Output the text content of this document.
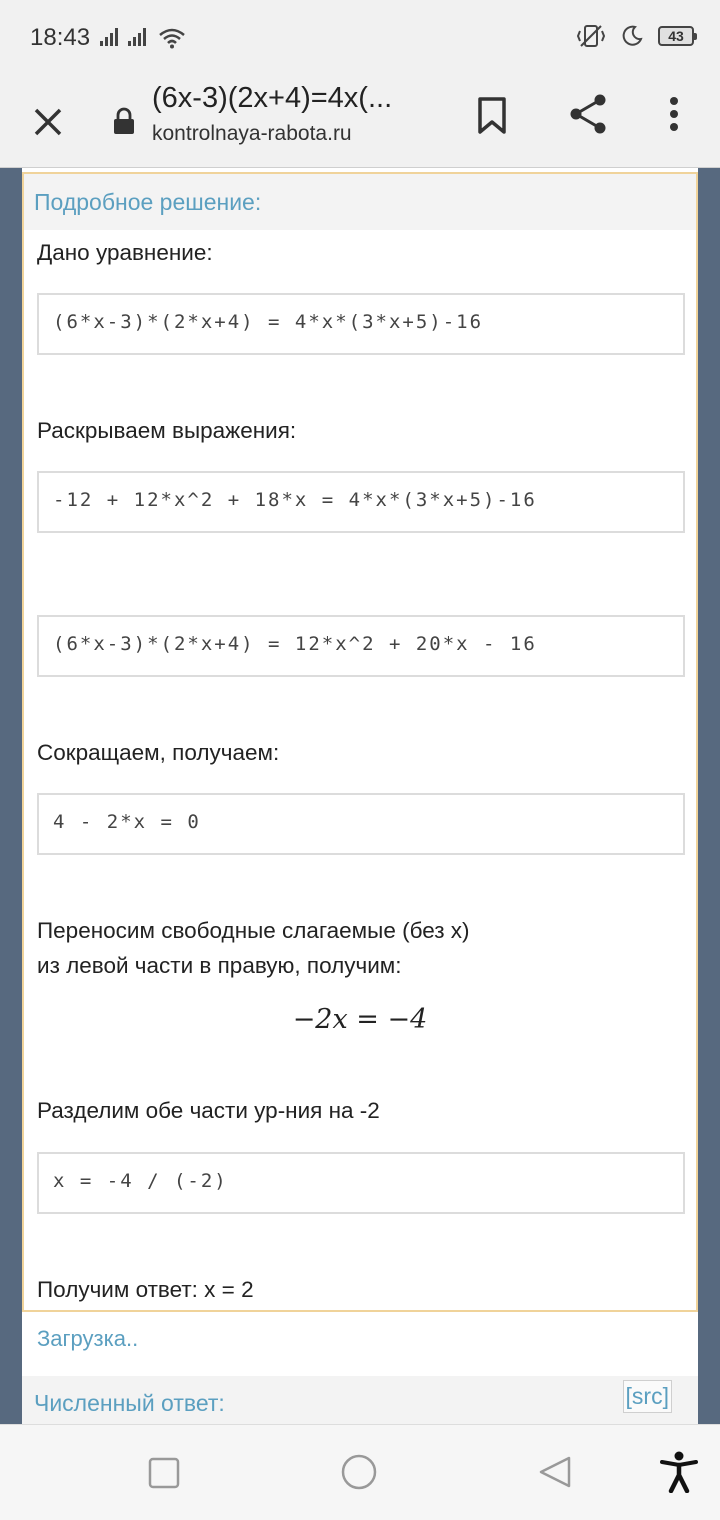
18:43	43
(6x-3)(2x+4)=4x(...
kontrolnaya-rabota.ru
Подробное решение:
Дано уравнение:
(6*x-3)*(2*x+4) = 4*x*(3*x+5)-16
Раскрываем выражения:
-12 + 12*x^2 + 18*x = 4*x*(3*x+5)-16
(6*x-3)*(2*x+4) = 12*x^2 + 20*x - 16
Сокращаем, получаем:
4 - 2*x = 0
Переносим свободные слагаемые (без x)
из левой части в правую, получим:
−2x = −4
Разделим обе части ур-ния на -2
x = -4 / (-2)
Получим ответ: x = 2
Загрузка..
Численный ответ:	[src]
